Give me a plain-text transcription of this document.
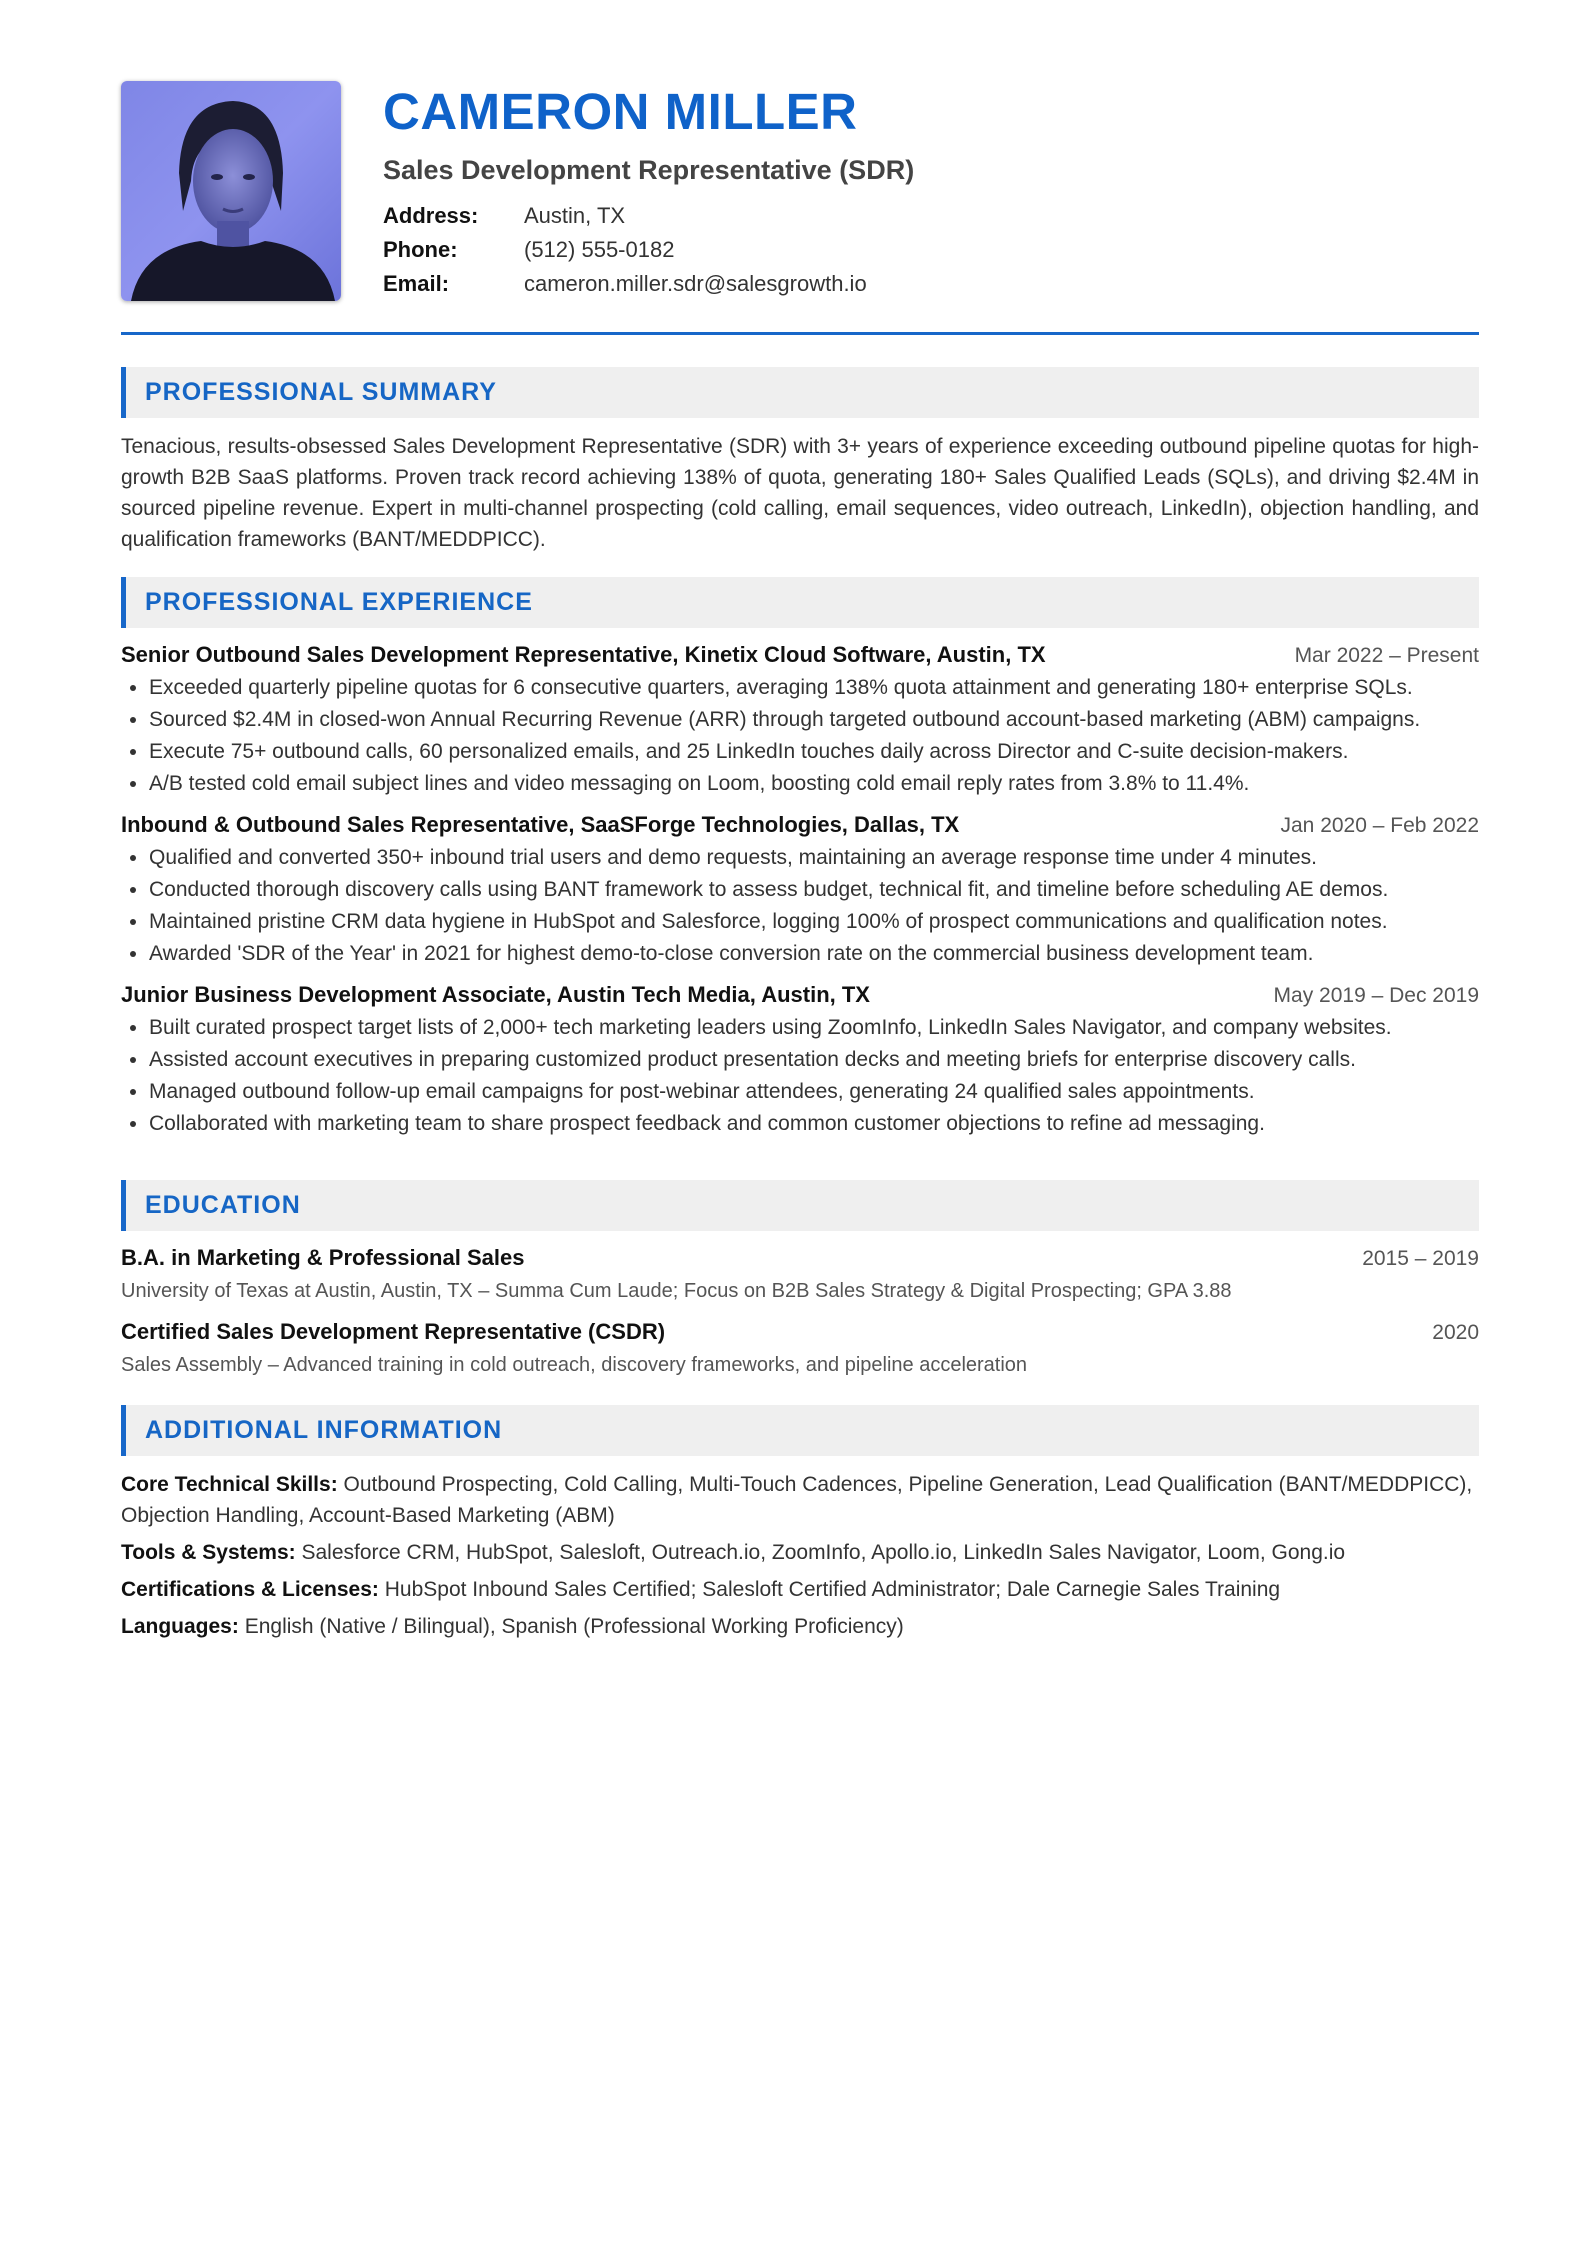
CAMERON MILLER
Sales Development Representative (SDR)
Address:	Austin, TX
Phone:	(512) 555-0182
Email:	cameron.miller.sdr@salesgrowth.io
PROFESSIONAL SUMMARY
Tenacious, results-obsessed Sales Development Representative (SDR) with 3+ years of experience exceeding outbound pipeline quotas for high-growth B2B SaaS platforms. Proven track record achieving 138% of quota, generating 180+ Sales Qualified Leads (SQLs), and driving $2.4M in sourced pipeline revenue. Expert in multi-channel prospecting (cold calling, email sequences, video outreach, LinkedIn), objection handling, and qualification frameworks (BANT/MEDDPICC).
PROFESSIONAL EXPERIENCE
Senior Outbound Sales Development Representative, Kinetix Cloud Software, Austin, TX	Mar 2022 – Present
• Exceeded quarterly pipeline quotas for 6 consecutive quarters, averaging 138% quota attainment and generating 180+ enterprise SQLs.
• Sourced $2.4M in closed-won Annual Recurring Revenue (ARR) through targeted outbound account-based marketing (ABM) campaigns.
• Execute 75+ outbound calls, 60 personalized emails, and 25 LinkedIn touches daily across Director and C-suite decision-makers.
• A/B tested cold email subject lines and video messaging on Loom, boosting cold email reply rates from 3.8% to 11.4%.
Inbound & Outbound Sales Representative, SaaSForge Technologies, Dallas, TX	Jan 2020 – Feb 2022
• Qualified and converted 350+ inbound trial users and demo requests, maintaining an average response time under 4 minutes.
• Conducted thorough discovery calls using BANT framework to assess budget, technical fit, and timeline before scheduling AE demos.
• Maintained pristine CRM data hygiene in HubSpot and Salesforce, logging 100% of prospect communications and qualification notes.
• Awarded 'SDR of the Year' in 2021 for highest demo-to-close conversion rate on the commercial business development team.
Junior Business Development Associate, Austin Tech Media, Austin, TX	May 2019 – Dec 2019
• Built curated prospect target lists of 2,000+ tech marketing leaders using ZoomInfo, LinkedIn Sales Navigator, and company websites.
• Assisted account executives in preparing customized product presentation decks and meeting briefs for enterprise discovery calls.
• Managed outbound follow-up email campaigns for post-webinar attendees, generating 24 qualified sales appointments.
• Collaborated with marketing team to share prospect feedback and common customer objections to refine ad messaging.
EDUCATION
B.A. in Marketing & Professional Sales	2015 – 2019
University of Texas at Austin, Austin, TX – Summa Cum Laude; Focus on B2B Sales Strategy & Digital Prospecting; GPA 3.88
Certified Sales Development Representative (CSDR)	2020
Sales Assembly – Advanced training in cold outreach, discovery frameworks, and pipeline acceleration
ADDITIONAL INFORMATION
Core Technical Skills: Outbound Prospecting, Cold Calling, Multi-Touch Cadences, Pipeline Generation, Lead Qualification (BANT/MEDDPICC), Objection Handling, Account-Based Marketing (ABM)
Tools & Systems: Salesforce CRM, HubSpot, Salesloft, Outreach.io, ZoomInfo, Apollo.io, LinkedIn Sales Navigator, Loom, Gong.io
Certifications & Licenses: HubSpot Inbound Sales Certified; Salesloft Certified Administrator; Dale Carnegie Sales Training
Languages: English (Native / Bilingual), Spanish (Professional Working Proficiency)
